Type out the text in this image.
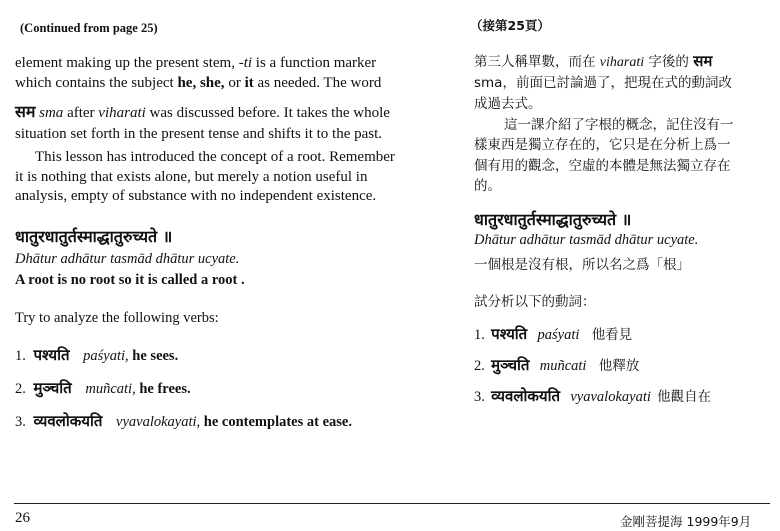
(Continued from page 25)
element making up the present stem, -ti is a function marker
which contains the subject he, she, or it as needed. The word
सम sma after viharati was discussed before. It takes the whole
situation set forth in the present tense and shifts it to the past.
This lesson has introduced the concept of a root. Remember
it is nothing that exists alone, but merely a notion useful in
analysis, empty of substance with no independent existence.
धातुरधातुर्तस्माद्धातुरुच्यते ॥
Dhātur adhātur tasmād dhātur ucyate.
A root is no root so it is called a root .
Try to analyze the following verbs:
1. पश्यति paśyati, he sees.
2. मुञ्चति muñcati, he frees.
3. व्यवलोकयति vyavalokayati, he contemplates at ease.
（接第25頁）
第三人稱單數，而在 viharati 字後的 सम
sma，前面已討論過了，把現在式的動詞改
成過去式。
這一課介紹了字根的概念，記住沒有一
樣東西是獨立存在的，它只是在分析上爲一
個有用的觀念，空虛的本體是無法獨立存在
的。
धातुरधातुर्तस्माद्धातुरुच्यते ॥
Dhātur adhātur tasmād dhātur ucyate.
一個根是沒有根，所以名之爲「根」
試分析以下的動詞：
1. पश्यति paśyati 他看見
2. मुञ्चति muñcati 他釋放
3. व्यवलोकयति vyavalokayati 他觀自在
26	金剛菩提海 1999年9月
